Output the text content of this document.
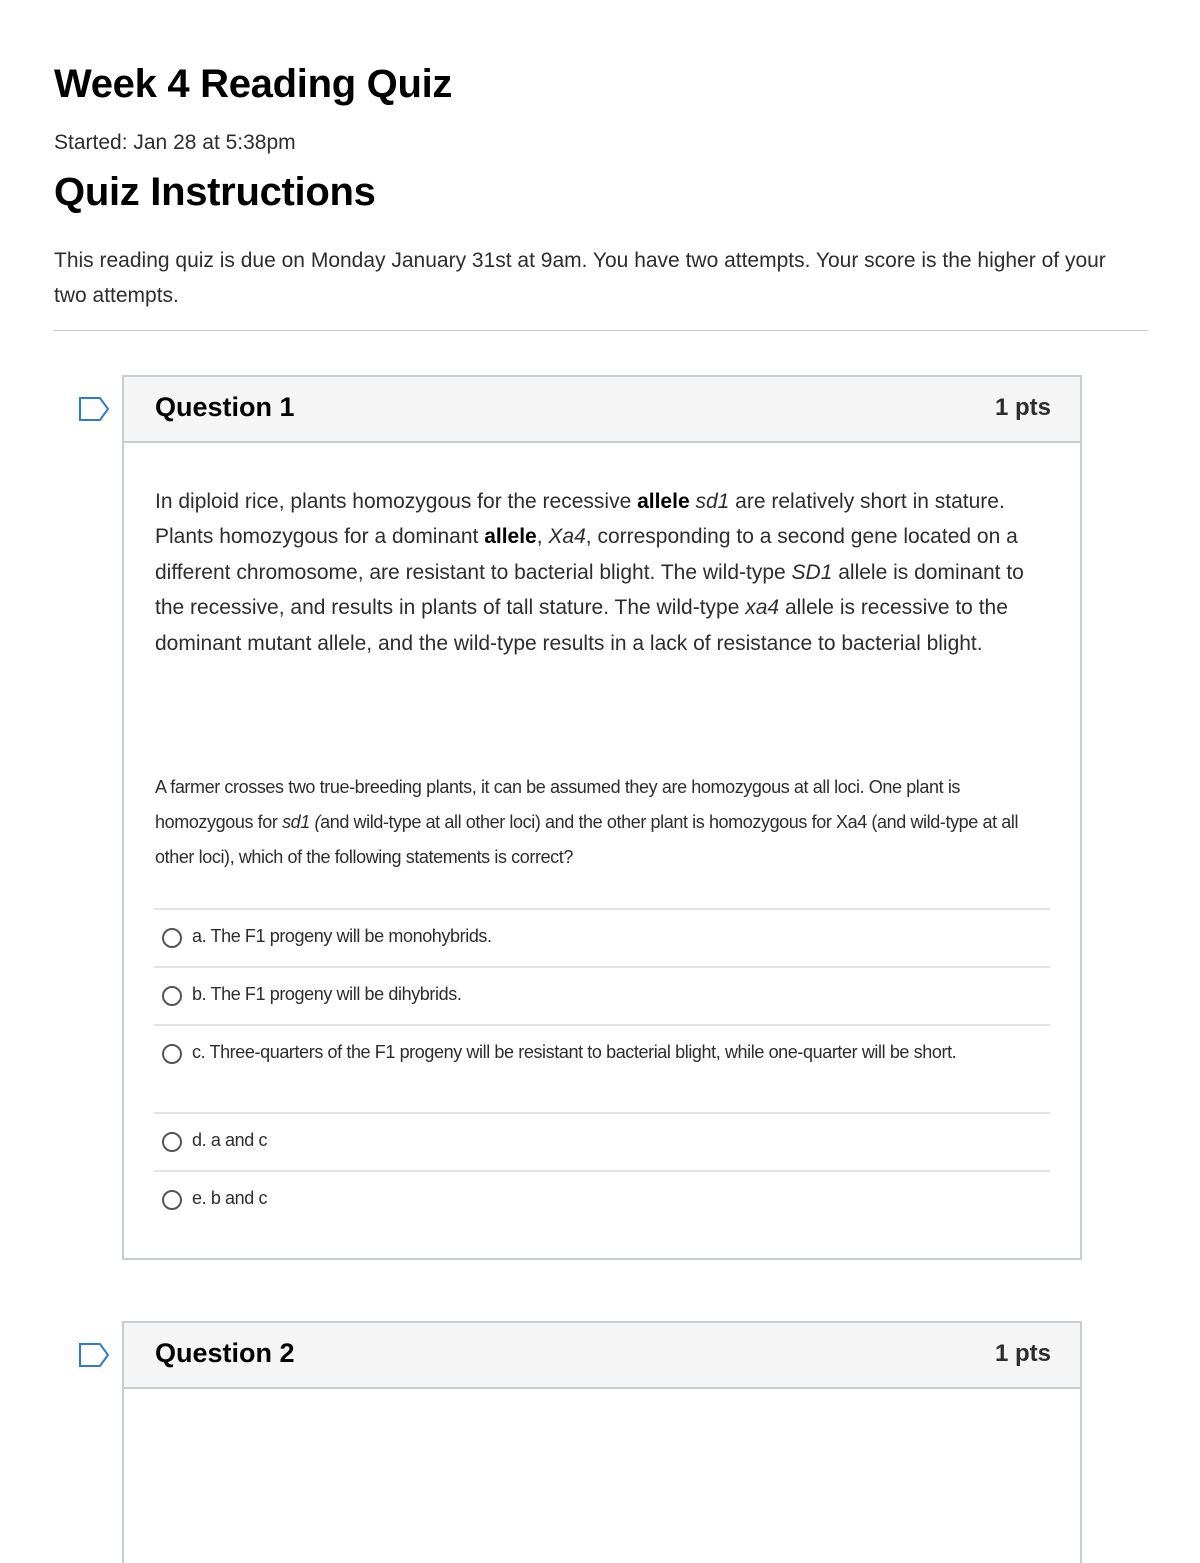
Week 4 Reading Quiz
Started: Jan 28 at 5:38pm
Quiz Instructions
This reading quiz is due on Monday January 31st at 9am. You have two attempts. Your score is the higher of your two attempts.
Question 1	1 pts
In diploid rice, plants homozygous for the recessive allele sd1 are relatively short in stature. Plants homozygous for a dominant allele, Xa4, corresponding to a second gene located on a different chromosome, are resistant to bacterial blight. The wild-type SD1 allele is dominant to the recessive, and results in plants of tall stature. The wild-type xa4 allele is recessive to the dominant mutant allele, and the wild-type results in a lack of resistance to bacterial blight.
A farmer crosses two true-breeding plants, it can be assumed they are homozygous at all loci. One plant is homozygous for sd1 (and wild-type at all other loci) and the other plant is homozygous for Xa4 (and wild-type at all other loci), which of the following statements is correct?
a. The F1 progeny will be monohybrids.
b. The F1 progeny will be dihybrids.
c. Three-quarters of the F1 progeny will be resistant to bacterial blight, while one-quarter will be short.
d. a and c
e. b and c
Question 2	1 pts
